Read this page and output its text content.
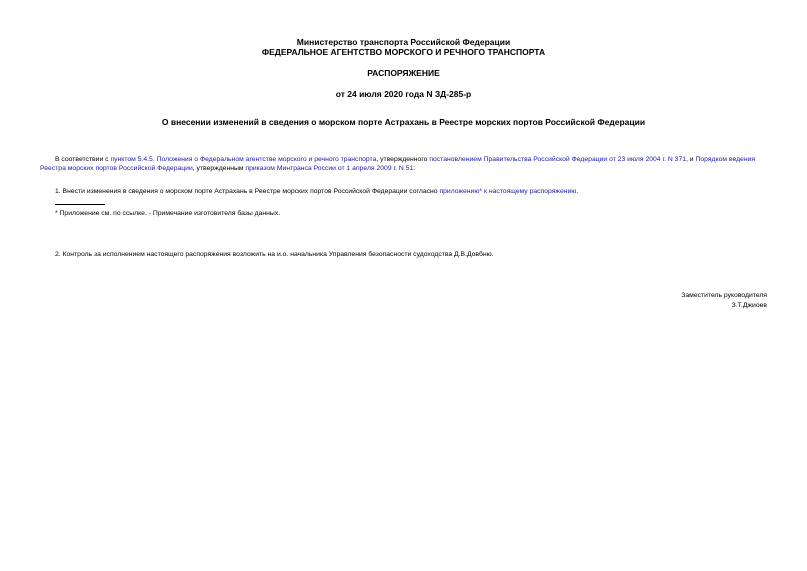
Министерство транспорта Российской Федерации
ФЕДЕРАЛЬНОЕ АГЕНТСТВО МОРСКОГО И РЕЧНОГО ТРАНСПОРТА
РАСПОРЯЖЕНИЕ
от 24 июля 2020 года N ЗД-285-р
О внесении изменений в сведения о морском порте Астрахань в Реестре морских портов Российской Федерации
В соответствии с пунктом 5.4.5. Положения о Федеральном агентстве морского и речного транспорта, утвержденного постановлением Правительства Российской Федерации от 23 июля 2004 г. N 371, и Порядком ведения Реестра морских портов Российской Федерации, утвержденным приказом Минтранса России от 1 апреля 2009 г. N 51:
1. Внести изменения в сведения о морском порте Астрахань в Реестре морских портов Российской Федерации согласно приложению* к настоящему распоряжению.
* Приложение см. по ссылке. - Примечание изготовителя базы данных.
2. Контроль за исполнением настоящего распоряжения возложить на и.о. начальника Управления безопасности судоходства Д.В.Довбню.
Заместитель руководителя
З.Т.Джиоев
